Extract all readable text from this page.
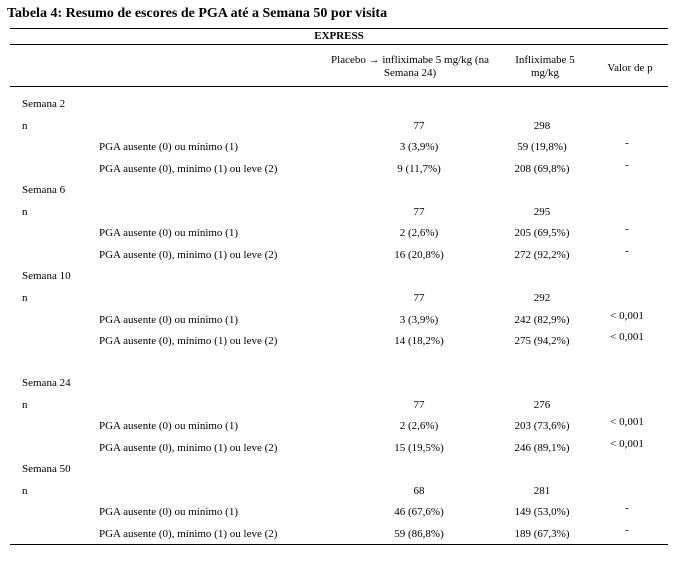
Tabela 4: Resumo de escores de PGA até a Semana 50 por visita
EXPRESS
Placebo → infliximabe 5 mg/kg (na Semana 24)
Infliximabe 5 mg/kg	Valor de p
Semana 2
n	77	298
PGA ausente (0) ou mínimo (1)	3 (3,9%)	59 (19,8%)	-
PGA ausente (0), mínimo (1) ou leve (2)	9 (11,7%)	208 (69,8%)	-
Semana 6
n	77	295
PGA ausente (0) ou mínimo (1)	2 (2,6%)	205 (69,5%)	-
PGA ausente (0), mínimo (1) ou leve (2)	16 (20,8%)	272 (92,2%)	-
Semana 10
n	77	292
PGA ausente (0) ou mínimo (1)	3 (3,9%)	242 (82,9%)	< 0,001
PGA ausente (0), mínimo (1) ou leve (2)	14 (18,2%)	275 (94,2%)	< 0,001
Semana 24
n	77	276
PGA ausente (0) ou mínimo (1)	2 (2,6%)	203 (73,6%)	< 0,001
PGA ausente (0), mínimo (1) ou leve (2)	15 (19,5%)	246 (89,1%)	< 0,001
Semana 50
n	68	281
PGA ausente (0) ou mínimo (1)	46 (67,6%)	149 (53,0%)	-
PGA ausente (0), mínimo (1) ou leve (2)	59 (86,8%)	189 (67,3%)	-
